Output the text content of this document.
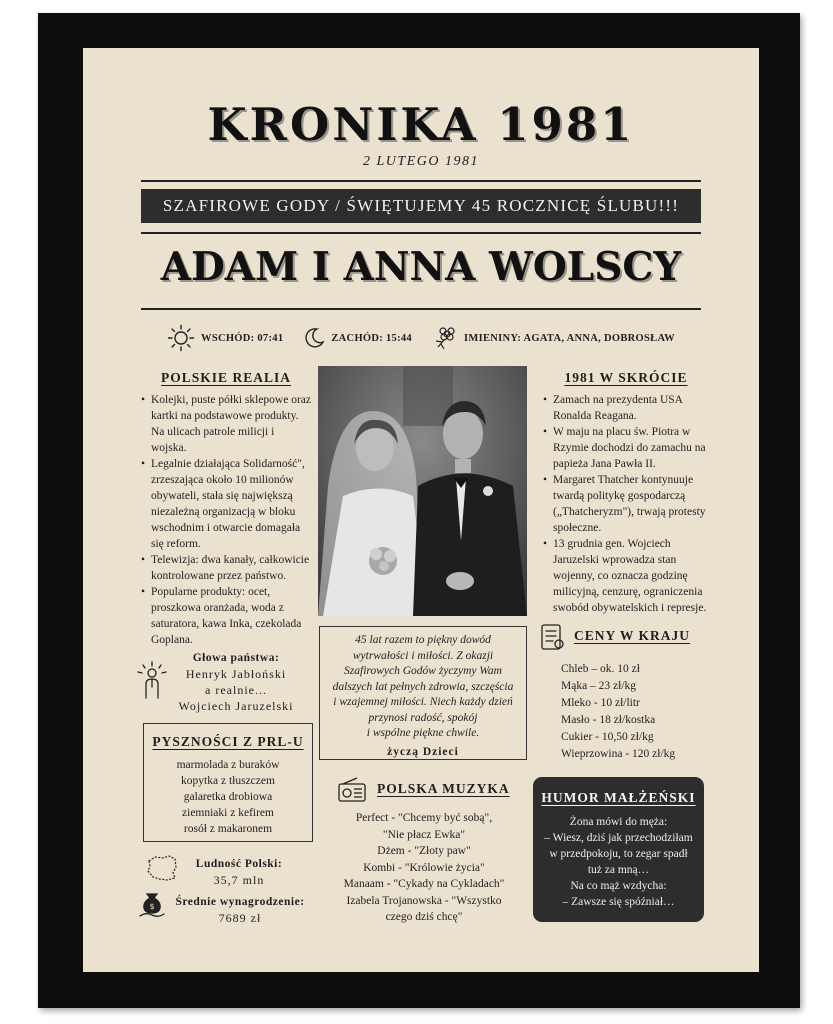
KRONIKA 1981
2 LUTEGO 1981
SZAFIROWE GODY / ŚWIĘTUJEMY 45 ROCZNICĘ ŚLUBU!!!
ADAM I ANNA WOLSCY
WSCHÓD: 07:41	ZACHÓD: 15:44	IMIENINY: AGATA, ANNA, DOBROSŁAW
POLSKIE REALIA
• Kolejki, puste półki sklepowe oraz kartki na podstawowe produkty. Na ulicach patrole milicji i wojska.
• Legalnie działająca Solidarność", zrzeszająca około 10 milionów obywateli, stała się największą niezależną organizacją w bloku wschodnim i otwarcie domagała się reform.
• Telewizja: dwa kanały, całkowicie kontrolowane przez państwo.
• Popularne produkty: ocet, proszkowa oranżada, woda z saturatora, kawa Inka, czekolada Goplana.
1981 W SKRÓCIE
• Zamach na prezydenta USA Ronalda Reagana.
• W maju na placu św. Piotra w Rzymie dochodzi do zamachu na papieża Jana Pawła II.
• Margaret Thatcher kontynuuje twardą politykę gospodarczą („Thatcheryzm"), trwają protesty społeczne.
• 13 grudnia gen. Wojciech Jaruzelski wprowadza stan wojenny, co oznacza godzinę milicyjną, cenzurę, ograniczenia swobód obywatelskich i represje.
Głowa państwa:
Henryk Jabłoński
a realnie...
Wojciech Jaruzelski
45 lat razem to piękny dowód
wytrwałości i miłości. Z okazji
Szafirowych Godów życzymy Wam
dalszych lat pełnych zdrowia, szczęścia
i wzajemnej miłości. Niech każdy dzień
przynosi radość, spokój
i wspólne piękne chwile.
życzą Dzieci
CENY W KRAJU
Chleb – ok. 10 zł
Mąka – 23 zł/kg
Mleko - 10 zł/litr
Masło - 18 zł/kostka
Cukier - 10,50 zł/kg
Wieprzowina - 120 zł/kg
PYSZNOŚCI Z PRL-U
marmolada z buraków
kopytka z tłuszczem
galaretka drobiowa
ziemniaki z kefirem
rosół z makaronem
POLSKA MUZYKA
Perfect - "Chcemy być sobą",
"Nie płacz Ewka"
Dżem - "Złoty paw"
Kombi - "Królowie życia"
Manaam - "Cykady na Cykladach"
Izabela Trojanowska - "Wszystko
czego dziś chcę"
HUMOR MAŁŻEŃSKI
Żona mówi do męża:
– Wiesz, dziś jak przechodziłam
w przedpokoju, to zegar spadł
tuż za mną…
Na co mąż wzdycha:
– Zawsze się spóźniał…
Ludność Polski:
35,7 mln
$	Średnie wynagrodzenie:
7689 zł
